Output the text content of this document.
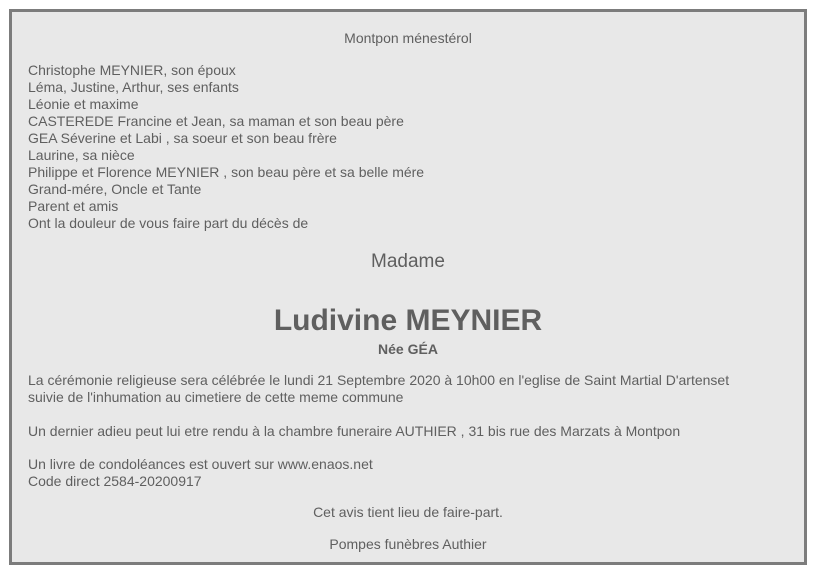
Montpon ménestérol
Christophe MEYNIER, son époux
Léma, Justine, Arthur, ses enfants
Léonie et maxime
CASTEREDE Francine et Jean, sa maman et son beau père
GEA Séverine et Labi , sa soeur et son beau frère
Laurine, sa nièce
Philippe et Florence MEYNIER , son beau père et sa belle mére
Grand-mére, Oncle et Tante
Parent et amis
Ont la douleur de vous faire part du décès de
Madame
Ludivine MEYNIER
Née GÉA
La cérémonie religieuse sera célébrée le lundi 21 Septembre 2020 à 10h00 en l'eglise de Saint Martial D'artenset
suivie de l'inhumation au cimetiere de cette meme commune
Un dernier adieu peut lui etre rendu à la chambre funeraire AUTHIER , 31 bis rue des Marzats à Montpon
Un livre de condoléances est ouvert sur www.enaos.net
Code direct 2584-20200917
Cet avis tient lieu de faire-part.
Pompes funèbres Authier
